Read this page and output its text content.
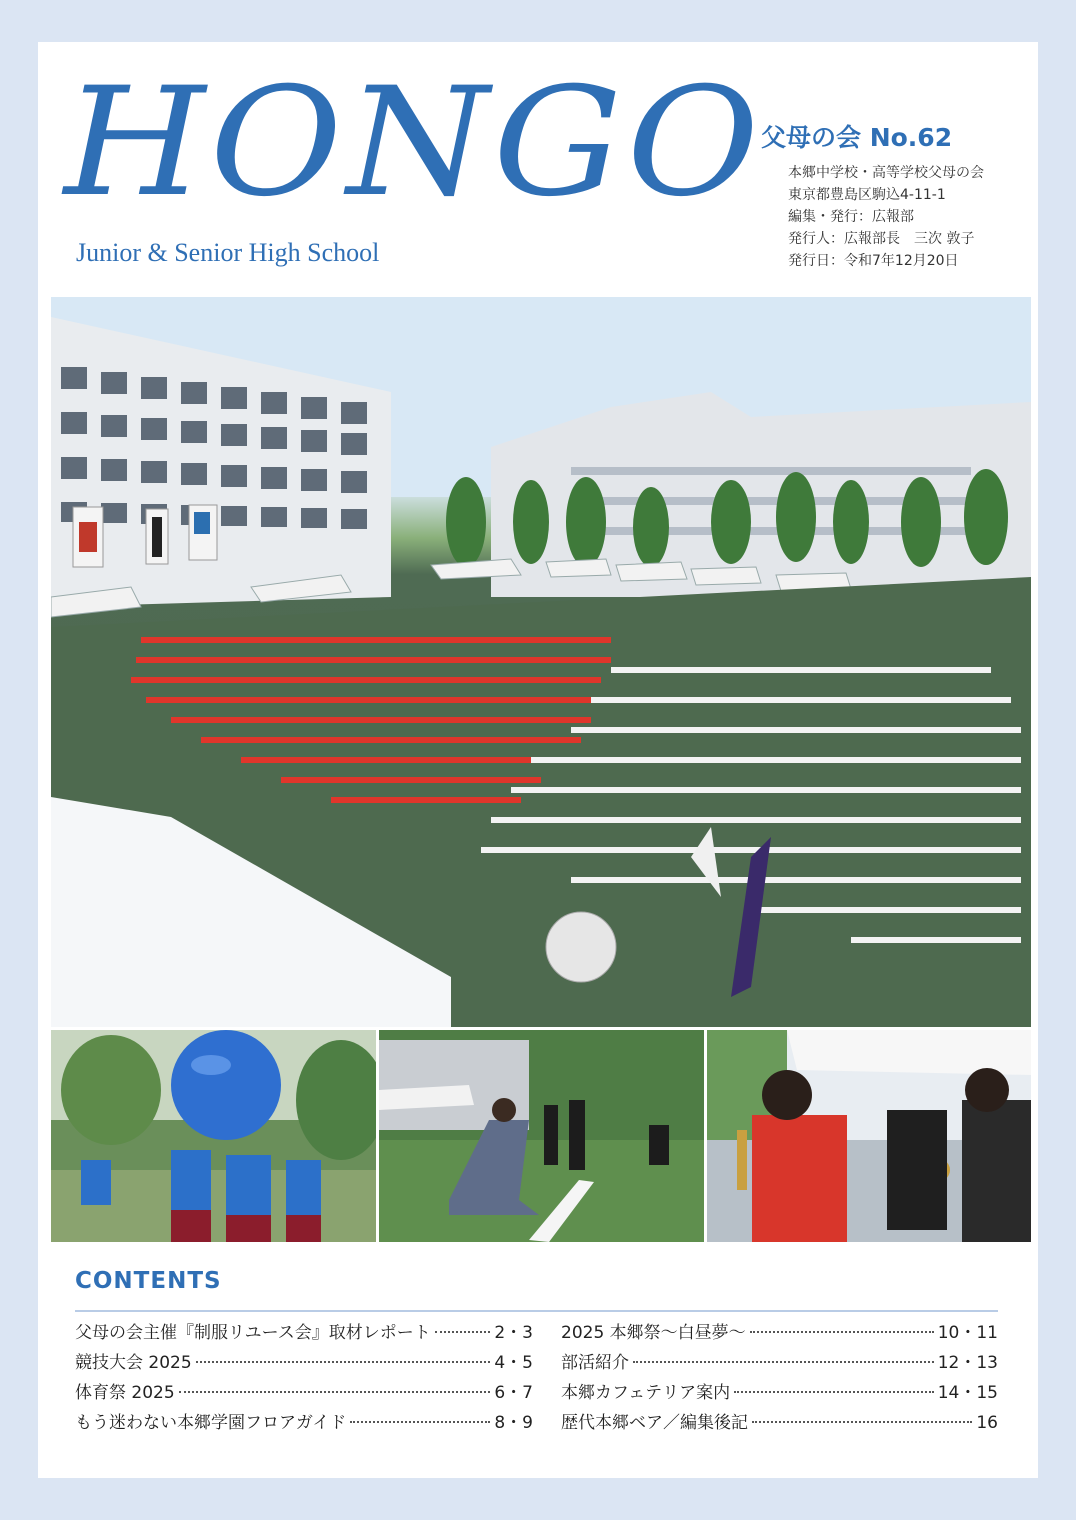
HONGO
Junior & Senior High School
父母の会 No.62
本郷中学校・高等学校父母の会
東京都豊島区駒込4-11-1
編集・発行：広報部
発行人：広報部長　三次 敦子
発行日：令和7年12月20日
CONTENTS
父母の会主催『制服リユース会』取材レポート	2・3
競技大会 2025	4・5
体育祭 2025	6・7
もう迷わない本郷学園フロアガイド	8・9
2025 本郷祭〜白昼夢〜	10・11
部活紹介	12・13
本郷カフェテリア案内	14・15
歴代本郷ベア／編集後記	16
